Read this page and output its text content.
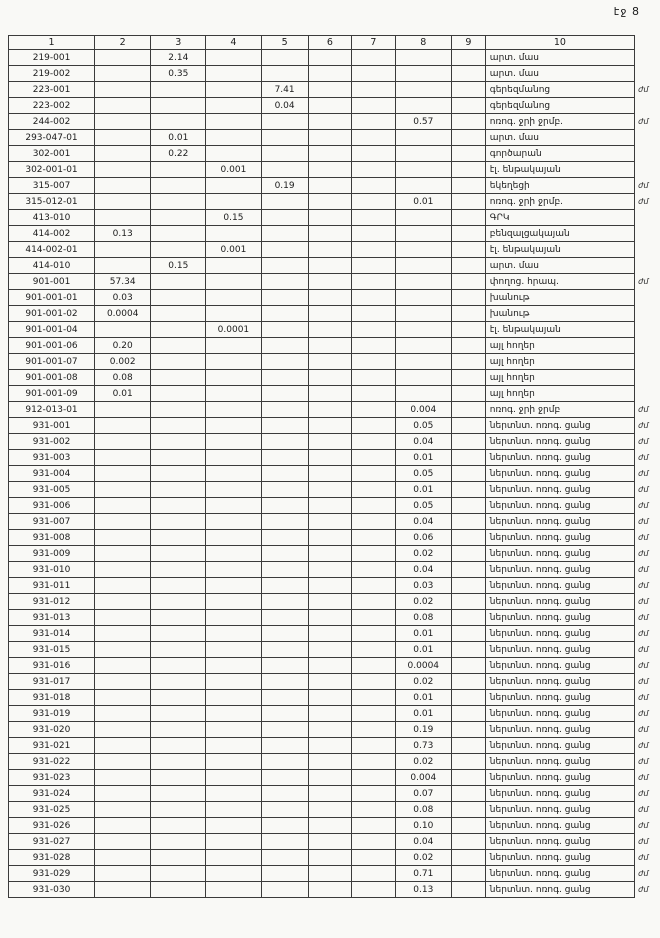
էջ 8
1	2	3	4	5	6	7	8	9	10	
219-001		2.14							արտ. մաս	
219-002		0.35							արտ. մաս	
223-001				7.41					գերեզմանոց	ժմ
223-002				0.04					գերեզմանոց	
244-002							0.57		ոռոգ. ջրի ջրմբ.	ժմ
293-047-01		0.01							արտ. մաս	
302-001		0.22							գործարան	
302-001-01			0.001						էլ. ենթակայան	
315-007				0.19					եկեղեցի	ժմ
315-012-01							0.01		ոռոգ. ջրի ջրմբ.	ժմ
413-010			0.15						ԳՐԿ	
414-002	0.13								բենզալցակայան	
414-002-01			0.001						էլ. ենթակայան	
414-010		0.15							արտ. մաս	
901-001	57.34								փողոց. հրապ.	ժմ
901-001-01	0.03								խանութ	
901-001-02	0.0004								խանութ	
901-001-04			0.0001						էլ. ենթակայան	
901-001-06	0.20								այլ հողեր	
901-001-07	0.002								այլ հողեր	
901-001-08	0.08								այլ հողեր	
901-001-09	0.01								այլ հողեր	
912-013-01							0.004		ոռոգ. ջրի ջրմբ	ժմ
931-001							0.05		ներտնտ. ոռոգ. ցանց	ժմ
931-002							0.04		ներտնտ. ոռոգ. ցանց	ժմ
931-003							0.01		ներտնտ. ոռոգ. ցանց	ժմ
931-004							0.05		ներտնտ. ոռոգ. ցանց	ժմ
931-005							0.01		ներտնտ. ոռոգ. ցանց	ժմ
931-006							0.05		ներտնտ. ոռոգ. ցանց	ժմ
931-007							0.04		ներտնտ. ոռոգ. ցանց	ժմ
931-008							0.06		ներտնտ. ոռոգ. ցանց	ժմ
931-009							0.02		ներտնտ. ոռոգ. ցանց	ժմ
931-010							0.04		ներտնտ. ոռոգ. ցանց	ժմ
931-011							0.03		ներտնտ. ոռոգ. ցանց	ժմ
931-012							0.02		ներտնտ. ոռոգ. ցանց	ժմ
931-013							0.08		ներտնտ. ոռոգ. ցանց	ժմ
931-014							0.01		ներտնտ. ոռոգ. ցանց	ժմ
931-015							0.01		ներտնտ. ոռոգ. ցանց	ժմ
931-016							0.0004		ներտնտ. ոռոգ. ցանց	ժմ
931-017							0.02		ներտնտ. ոռոգ. ցանց	ժմ
931-018							0.01		ներտնտ. ոռոգ. ցանց	ժմ
931-019							0.01		ներտնտ. ոռոգ. ցանց	ժմ
931-020							0.19		ներտնտ. ոռոգ. ցանց	ժմ
931-021							0.73		ներտնտ. ոռոգ. ցանց	ժմ
931-022							0.02		ներտնտ. ոռոգ. ցանց	ժմ
931-023							0.004		ներտնտ. ոռոգ. ցանց	ժմ
931-024							0.07		ներտնտ. ոռոգ. ցանց	ժմ
931-025							0.08		ներտնտ. ոռոգ. ցանց	ժմ
931-026							0.10		ներտնտ. ոռոգ. ցանց	ժմ
931-027							0.04		ներտնտ. ոռոգ. ցանց	ժմ
931-028							0.02		ներտնտ. ոռոգ. ցանց	ժմ
931-029							0.71		ներտնտ. ոռոգ. ցանց	ժմ
931-030							0.13		ներտնտ. ոռոգ. ցանց	ժմ
